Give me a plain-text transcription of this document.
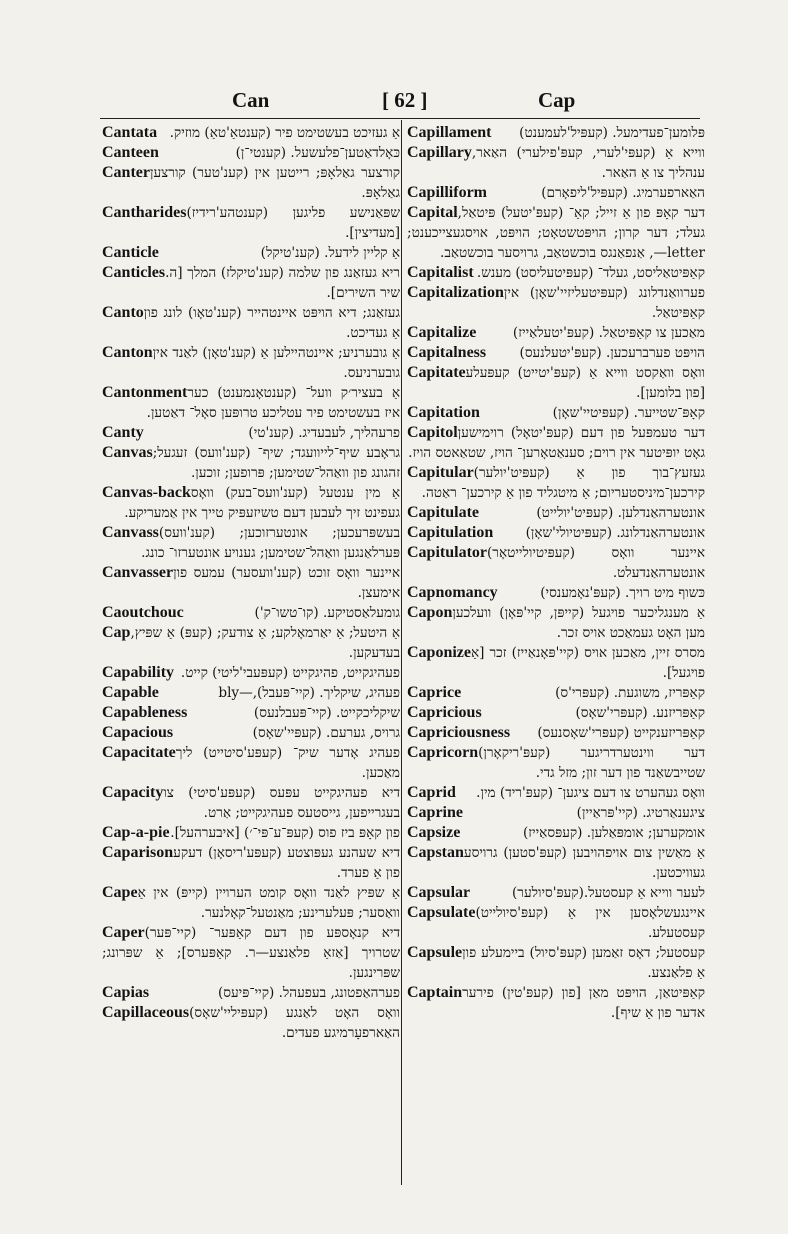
Can	[ 62 ]	Cap
Cantata אַ געזיכט בעשטימט פיר (קענטאַ'טאַ) מוזיק.
Canteen	כּאָלדאַטען־פלעשעל. (קענטי־ן)
Canter קורצער גאַלאָפּ; רייטען אין (קענ'טער) קורצען גאַלאָפּ.
Cantharides שפּאַנישע פליגען (קענטהע'רידיז) [מעדיצין].
Canticle	אַ קליין לידעל. (קענ'טיקל)
Canticles ריא געזאַנג פון שלמה (קענ'טיקלז) המלך [ה. שיר השירים].
Canto געזאַנג; דיא הויפּט איינטהייר (קענ'טאָו) לונג פון אַ געדיכט.
Canton אַ גובערניע; איינטהיילען אַ (קענ'טאָן) לאַנד אין גובערניעס.
Cantonment אַ בעציר׳ק וועל־ (קענטאָנמענט) כער איז בעשטימט פיר עטליכע טרופּען סאָל־ דאַטען.
Canty	פרעהליך, לעבעדיג. (קענ'טי)
Canvas גראָבע שיף־לייוועגד; שיף־ (קענ'וועס) זעגעל; זהגונג פון וואַהל־שטימען; פּרופען; זוכען.
Canvas-back אַ מין ענטעל (קענ'וועס־בעק) וואָס געפינט זיך לעבען דעם טשיזעפּיק טייך אין אַמעריקע.
Canvass בעשפּרעכען; אונטערזוכען; (קענ'וועס) פּערלאַנגען וואַהל־שטימען; גענויע אונטערזו־ כונג.
Canvasser איינער וואָס זוכט (קענ'וועסער) עמעס פון אימעצן.
Caoutchouc	גומעלאַסטיקע. (קו־טשו־ק')
Cap אַ היטעל; אַ יאַרמאָלקע; אַ צודעק; (קעפּ) אַ שפּיץ, בעדעקען.
Capability פעהיגקייט, פהיגקייט (קעפּעבי'ליטי) קייט.
Capable	פעהיג, שיקליך. (קיי־פּעבל),—bly
Capableness	שיקליכקייט. (קיי־פּעבלנעס)
Capacious	גרויס, גערעם. (קעפּיי'שאָס)
Capacitate פעהיג אָדער שיק־ (קעפּע'סיטייט) ליך מאַכען.
Capacity דיא פעהיגקייט עפּעס (קעפּע'סיטי) צו בעגרייפען, גייסטעס פעהיגקייט; אַרט.
Cap-a-pie פון קאָפּ ביז פוס (קעפּ־ע־פּי־׳) [איבערהעל].
Caparison דיא שעהנע געפּוצטע (קעפּע'ריסאָן) דעקע פון אַ פערד.
Cape אַ שפּיץ לאַנד וואָס קומט הערויין (קייפּ) אין אַ וואַסער; פּעלערינע; מאַנטעל־קאָלנער.
Caper דיא קנאָספּע פון דעם קאַפּער־ (קיי־פּער) שטרויך [אַזאַ פלאַנצע—ר. קאַפּערס]; אַ שפּרונג; שפּרינגען.
Capias	פערהאַפטונג, בעפעהל. (קיי־פּיעס)
Capillaceous וואָס האָט לאַנגע (קעפּיליי'שאָס) האַארפעָרמיגע פעדים.
Capillament פּלומען־פעדימעל. (קעפּיל'לעמענט)
Capillary ווייא אַ (קעפּי'לערי, קעפּ'פילערי) האַאר, ענהליך צו אַ האַאר.
Capilliform	האַארפערמיג. (קעפּיל'ליפאָרם)
Capital דער קאָפּ פון אַ זייל; קאַ־ (קעפּ'יטעל) פּיטאַל, געלד; דער קרון; הויפּטשטאָט; הויפּט, אויסגעצייכענט; letter—, אַנפאַנגס בוכשטאַב, גרויסער בוכשטאַב.
Capitalist קאַפּיטאַליסט, געלד־ (קעפּיטעליסט) מענש.
Capitalization פערוואַנדלונג (קעפּיטעליזיי'שאָן) אין קאַפּיטאַל.
Capitalize	מאַכען צו קאַפּיטאַל. (קעפּ'יטעלאַייז)
Capitalness הויפּט פערברעכען. (קעפּ'יטעלנעס)
Capitate וואָס וואַקסט ווייא אַ (קעפּ'יטייט) קעפּעלע [פון בלומען].
Capitation	קאָפּ־שטייער. (קעפּיטיי'שאָן)
Capitol דער טעמפּעל פון דעם (קעפּ'יטאָל) רוימישען גאָט יופּיטער אין רוים; סענאַטאָרען־ הויז, שטאַאטס הויז.
Capitular געזעץ־בוך פון אַ (קעפּיט'יולער) קירכען־מיניסטעריום; אַ מיטגליד פון אַ קירכען־ ראַטה.
Capitulate	אונטערהאַנדלען. (קעפּיט'יולייט)
Capitulation אונטערהאַנדלונג. (קעפּיטיולי'שאָן)
Capitulator איינער וואָס (קעפּיטיולייטאָר) אונטערהאַנדעלט.
Capnomancy	כּשוף מיט רויך. (קעפּ'נאָמענסי)
Capon אַ מענגליכער פויגעל (קייפּן, קיי'פּאָן) וועלכען מען האָט געמאַכט אויס זכר.
Caponize מסרס זיין, מאַכען אויס (קיי'פּאָנאַייז) זכר [אַ פויגעל].
Caprice	קאַפּריז, משוגעת. (קעפּרי'ס)
Capricious	קאַפּריזנע. (קעפּרי'שאָס)
Capriciousness קאַפּריזענקייט (קעפּרי'שאָסנעס)
Capricorn דער ווינטערדריגער (קעפּ'ריקאָרן) שטייבשאַנד פון דער זון; מזל גדי.
Caprid וואָס געהערט צו דעם ציגען־ (קעפּ'ריד) מין.
Caprine	ציגענאַרטיג. (קיי'פּראַיין)
Capsize	אומקערען; אומפּאַלען. (קעפּסאַייז)
Capstan אַ מאַשין צום אויפהויבען (קעפּ'סטען) גרויסע געוויכטען.
Capsular	לעער ווייא אַ קעסטעל.(קעפּ'סיולער)
Capsulate איינגעשלאָסען אין אַ (קעפּ'סיולייט) קעסטעלע.
Capsule קעסטעל; דאָס זאַמען (קעפּ'סיול) ביימעלע פון אַ פלאַנצע.
Captain קאַפּיטאַן, הויפּט מאַן [פון (קעפּ'טין) פירער אדער פון אַ שיף].
